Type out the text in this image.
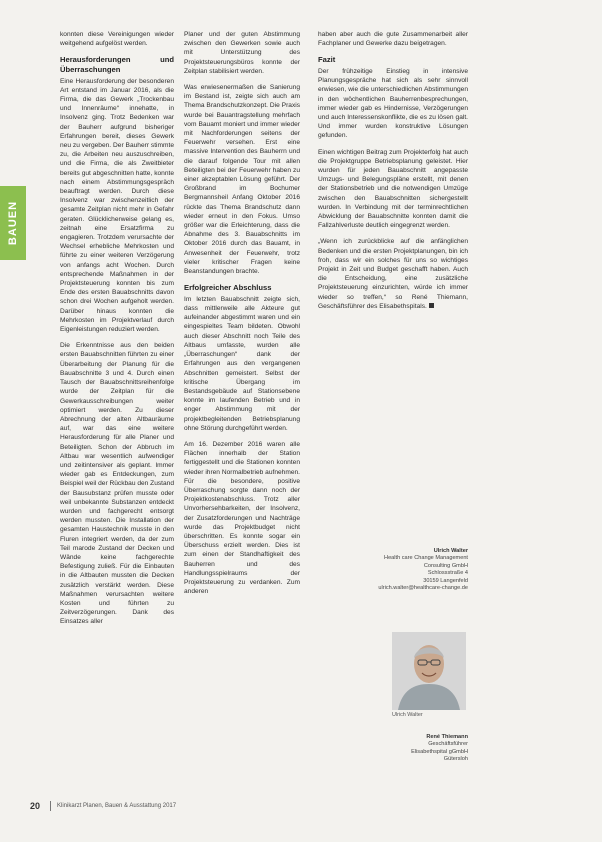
BAUEN

konnten diese Vereinigungen wieder weitgehend aufgelöst werden.

Herausforderungen und Überraschungen

Eine Herausforderung der besonderen Art entstand im Januar 2016, als die Firma, die das Gewerk „Trockenbau und Innenräume“ innehatte, in Insolvenz ging. Trotz Bedenken war der Bauherr aufgrund bisheriger Erfahrungen bereit, dieses Gewerk neu zu vergeben. Der Bauherr stimmte zu, die Arbeiten neu auszuschreiben, und die Firma, die als Zweitbieter bereits gut abgeschnitten hatte, konnte nach einem Abstimmungsgespräch beauftragt werden. Durch diese Insolvenz war zwischenzeitlich der gesamte Zeitplan nicht mehr in Gefahr geraten. Glücklicherweise gelang es, zeitnah eine Ersatzfirma zu engagieren. Trotzdem verursachte der Wechsel erhebliche Mehrkosten und führte zu einer weiteren Verzögerung von anfangs acht Wochen. Durch entsprechende Maßnahmen in der Projektsteuerung konnten bis zum Ende des ersten Bauabschnitts davon schon drei Wochen aufgeholt werden. Darüber hinaus konnten die Mehrkosten im Projektverlauf durch Eigenleistungen reduziert werden.

Die Erkenntnisse aus den beiden ersten Bauabschnitten führten zu einer Überarbeitung der Planung für die Bauabschnitte 3 und 4. Durch einen Tausch der Bauabschnittsreihenfolge wurde der Zeitplan für die Gewerkausschreibungen weiter optimiert werden. Zu dieser Abrechnung der alten Altbauräume auf, war das eine weitere Herausforderung für alle Planer und Beteiligten. Schon der Abbruch im Altbau war wesentlich aufwendiger und zeitintensiver als geplant. Immer wieder gab es Entdeckungen, zum Beispiel weil der Rückbau den Zustand der Bausubstanz prüfen musste oder weil unbekannte Substanzen entdeckt wurden und fachgerecht entsorgt werden mussten. Die Installation der gesamten Haustechnik musste in den Fluren integriert werden, da der zum Teil marode Zustand der Decken und Wände keine fachgerechte Befestigung zuließ. Für die Einbauten in die Altbauten mussten die Decken zusätzlich verstärkt werden. Diese Maßnahmen verursachten weitere Kosten und führten zu Zeitverzögerungen. Dank des Einsatzes aller

Planer und der guten Abstimmung zwischen den Gewerken sowie auch mit Unterstützung des Projektsteuerungsbüros konnte der Zeitplan stabilisiert werden.

Was erwiesenermaßen die Sanierung im Bestand ist, zeigte sich auch am Thema Brandschutzkonzept. Die Praxis wurde bei Bauantragstellung mehrfach vom Bauamt moniert und immer wieder mit Nachforderungen seitens der Feuerwehr versehen. Erst eine massive Intervention des Bauherrn und die darauf folgende Tour mit allen Beteiligten bei der Feuerwehr haben zu einer akzeptablen Lösung geführt. Der Großbrand im Bochumer Bergmannsheil Anfang Oktober 2016 rückte das Thema Brandschutz dann wieder erneut in den Fokus. Umso größer war die Erleichterung, dass die Abnahme des 3. Bauabschnitts im Oktober 2016 durch das Bauamt, in Anwesenheit der Feuerwehr, trotz vieler kritischer Fragen keine Beanstandungen brachte.

Erfolgreicher Abschluss

Im letzten Bauabschnitt zeigte sich, dass mittlerweile alle Akteure gut aufeinander abgestimmt waren und ein eingespieltes Team bildeten. Obwohl auch dieser Abschnitt noch Teile des Altbaus umfasste, wurden alle „Überraschungen“ dank der Erfahrungen aus den vergangenen Abschnitten gemeistert. Selbst der kritische Übergang im Bestandsgebäude auf Stationsebene konnte im laufenden Betrieb und in enger Abstimmung mit der projektbegleitenden Betriebsplanung ohne Störung durchgeführt werden.

Am 16. Dezember 2016 waren alle Flächen innerhalb der Station fertiggestellt und die Stationen konnten wieder ihren Normalbetrieb aufnehmen. Für die besondere, positive Überraschung sorgte dann noch der Projektkostenabschluss. Trotz aller Unvorhersehbarkeiten, der Insolvenz, der Zusatzforderungen und Nachträge wurde das Projektbudget nicht überschritten. Es konnte sogar ein Überschuss erzielt werden. Dies ist zum einen der Standhaftigkeit des Bauherren und des Handlungsspielraums der Projektsteuerung zu verdanken. Zum anderen

haben aber auch die gute Zusammenarbeit aller Fachplaner und Gewerke dazu beigetragen.

Fazit

Der frühzeitige Einstieg in intensive Planungsgespräche hat sich als sehr sinnvoll erwiesen, wie die unterschiedlichen Abstimmungen in den wöchentlichen Bauherrenbesprechungen, immer wieder gab es Hindernisse, Verzögerungen und auch Interessenskonflikte, die es zu lösen galt. Und immer wurden konstruktive Lösungen gefunden.

Einen wichtigen Beitrag zum Projekterfolg hat auch die Projektgruppe Betriebsplanung geleistet. Hier wurden für jeden Bauabschnitt angepasste Umzugs- und Belegungspläne erstellt, mit denen der Stationsbetrieb und die notwendigen Umzüge zwischen den Bauabschnitten sichergestellt wurden. In Verbindung mit der terminrechtlichen Abwicklung der Bauabschnitte konnten damit die Fallzahlverluste deutlich eingegrenzt werden.

„Wenn ich zurückblicke auf die anfänglichen Bedenken und die ersten Projektplanungen, bin ich froh, dass wir ein solches für uns so wichtiges Projekt in Zeit und Budget geschafft haben. Auch die Entscheidung, eine zusätzliche Projektsteuerung einzurichten, würde ich immer wieder so treffen,“ so René Thiemann, Geschäftsführer des Elisabethspitals.

Ulrich Walter
Health care Change Management
Consulting GmbH
Schlossstraße 4
30159 Langenfeld
ulrich.walter@healthcare-change.de
Ulrich Walter
René Thiemann
Geschäftsführer
Elisabethspital gGmbH
Gütersloh
20	Klinikarzt Planen, Bauen & Ausstattung 2017
